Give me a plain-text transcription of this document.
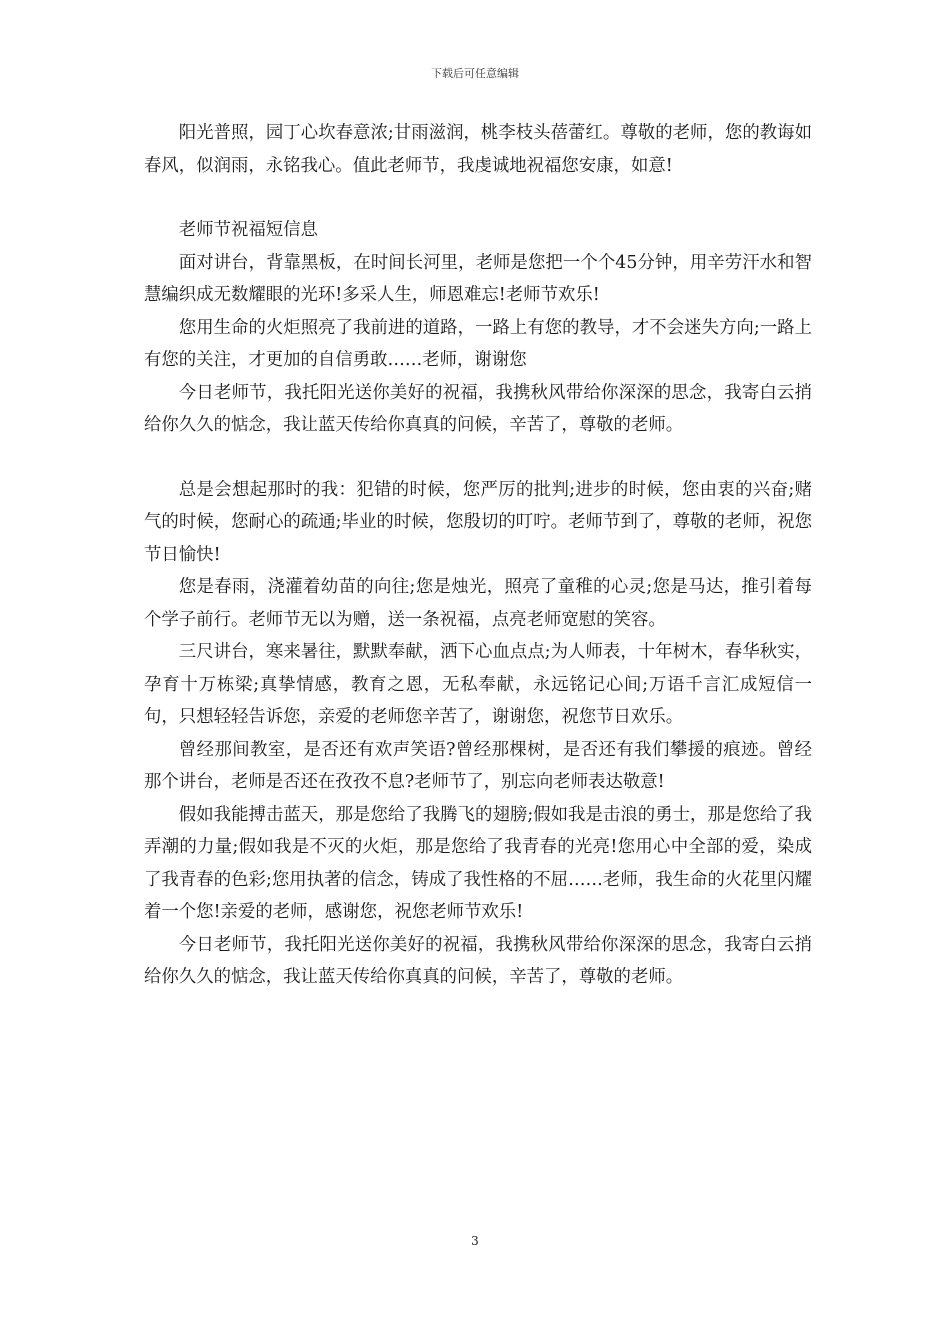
下载后可任意编辑

阳光普照，园丁心坎春意浓;甘雨滋润，桃李枝头蓓蕾红。尊敬的老师，您的教诲如春风，似润雨，永铭我心。值此老师节，我虔诚地祝福您安康，如意!

老师节祝福短信息

面对讲台，背靠黑板，在时间长河里，老师是您把一个个45分钟，用辛劳汗水和智慧编织成无数耀眼的光环!多采人生，师恩难忘!老师节欢乐!

您用生命的火炬照亮了我前进的道路，一路上有您的教导，才不会迷失方向;一路上有您的关注，才更加的自信勇敢……老师，谢谢您

今日老师节，我托阳光送你美好的祝福，我携秋风带给你深深的思念，我寄白云捎给你久久的惦念，我让蓝天传给你真真的问候，辛苦了，尊敬的老师。

总是会想起那时的我：犯错的时候，您严厉的批判;进步的时候，您由衷的兴奋;赌气的时候，您耐心的疏通;毕业的时候，您殷切的叮咛。老师节到了，尊敬的老师，祝您节日愉快!

您是春雨，浇灌着幼苗的向往;您是烛光，照亮了童稚的心灵;您是马达，推引着每个学子前行。老师节无以为赠，送一条祝福，点亮老师宽慰的笑容。

三尺讲台，寒来暑往，默默奉献，洒下心血点点;为人师表，十年树木，春华秋实，孕育十万栋梁;真挚情感，教育之恩，无私奉献，永远铭记心间;万语千言汇成短信一句，只想轻轻告诉您，亲爱的老师您辛苦了，谢谢您，祝您节日欢乐。

曾经那间教室，是否还有欢声笑语?曾经那棵树，是否还有我们攀援的痕迹。曾经那个讲台，老师是否还在孜孜不息?老师节了，别忘向老师表达敬意!

假如我能搏击蓝天，那是您给了我腾飞的翅膀;假如我是击浪的勇士，那是您给了我弄潮的力量;假如我是不灭的火炬，那是您给了我青春的光亮!您用心中全部的爱，染成了我青春的色彩;您用执著的信念，铸成了我性格的不屈……老师，我生命的火花里闪耀着一个您!亲爱的老师，感谢您，祝您老师节欢乐!

今日老师节，我托阳光送你美好的祝福，我携秋风带给你深深的思念，我寄白云捎给你久久的惦念，我让蓝天传给你真真的问候，辛苦了，尊敬的老师。

3
